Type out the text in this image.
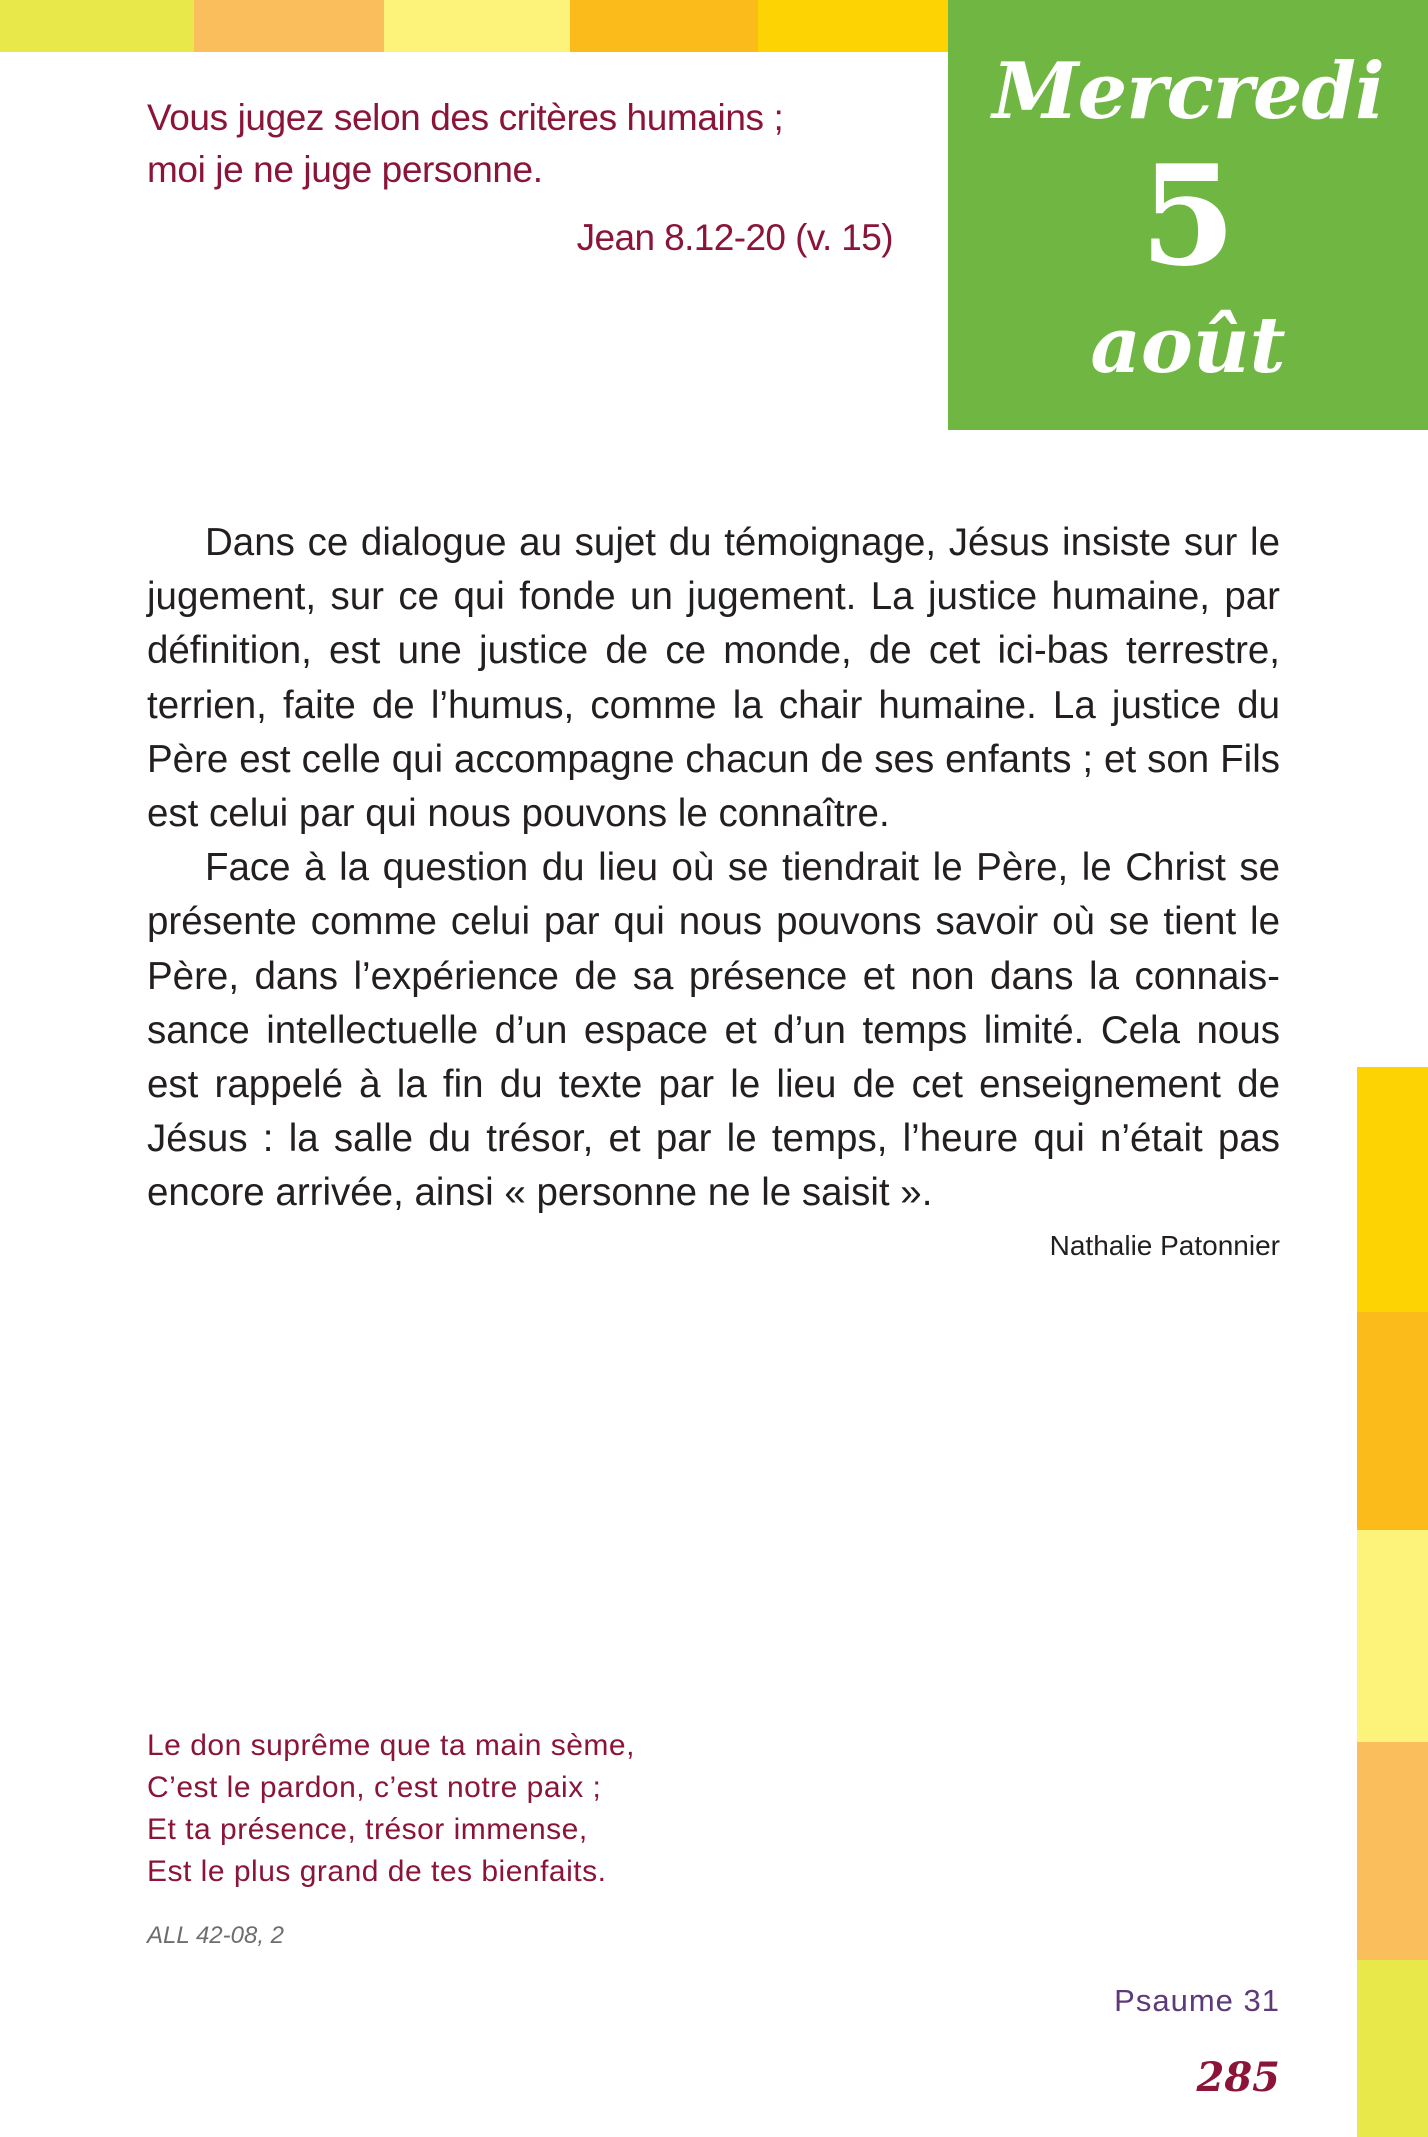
Mercredi
5
août
Vous jugez selon des critères humains ;
moi je ne juge personne.
Jean 8.12-20 (v. 15)

Dans ce dialogue au sujet du témoignage, Jésus insiste sur le jugement, sur ce qui fonde un jugement. La justice humaine, par définition, est une justice de ce monde, de cet ici-bas terrestre, terrien, faite de l’humus, comme la chair humaine. La justice du Père est celle qui accompagne chacun de ses enfants ; et son Fils est celui par qui nous pouvons le connaître.

Face à la question du lieu où se tiendrait le Père, le Christ se présente comme celui par qui nous pouvons savoir où se tient le Père, dans l’expérience de sa présence et non dans la connaissance intellectuelle d’un espace et d’un temps limité. Cela nous est rappelé à la fin du texte par le lieu de cet enseignement de Jésus : la salle du trésor, et par le temps, l’heure qui n’était pas encore arrivée, ainsi « personne ne le saisit ».

Nathalie Patonnier
Le don suprême que ta main sème,
C’est le pardon, c’est notre paix ;
Et ta présence, trésor immense,
Est le plus grand de tes bienfaits.
ALL 42-08, 2
Psaume 31
285
